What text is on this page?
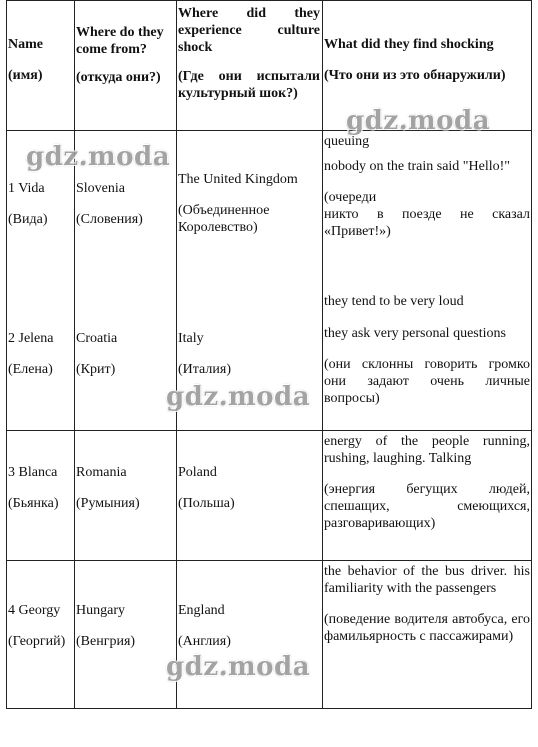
Name
(имя)
Where do they come from?
(откуда они?)
Where did they experience culture shock
(Где они испытали культурный шок?)
What did they find shocking
(Что они из это обнаружили)
1 Vida
(Вида)
Slovenia
(Словения)
The United Kingdom
(Объединенное Королевство)
queuing
nobody on the train said "Hello!"
(очереди
никто в поезде не сказал «Привет!»)
2 Jelena
(Елена)
Croatia
(Крит)
Italy
(Италия)
they tend to be very loud
they ask very personal questions
(они склонны говорить громко они задают очень личные вопросы)
3 Blanca
(Бьянка)
Romania
(Румыния)
Poland
(Польша)
energy of the people running, rushing, laughing. Talking
(энергия бегущих людей, спешащих, смеющихся, разговаривающих)
4 Georgy
(Георгий)
Hungary
(Венгрия)
England
(Англия)
the behavior of the bus driver. his familiarity with the passengers
(поведение водителя автобуса, его фамильярность с пассажирами)
gdz.moda
gdz.moda
gdz.moda
gdz.moda
